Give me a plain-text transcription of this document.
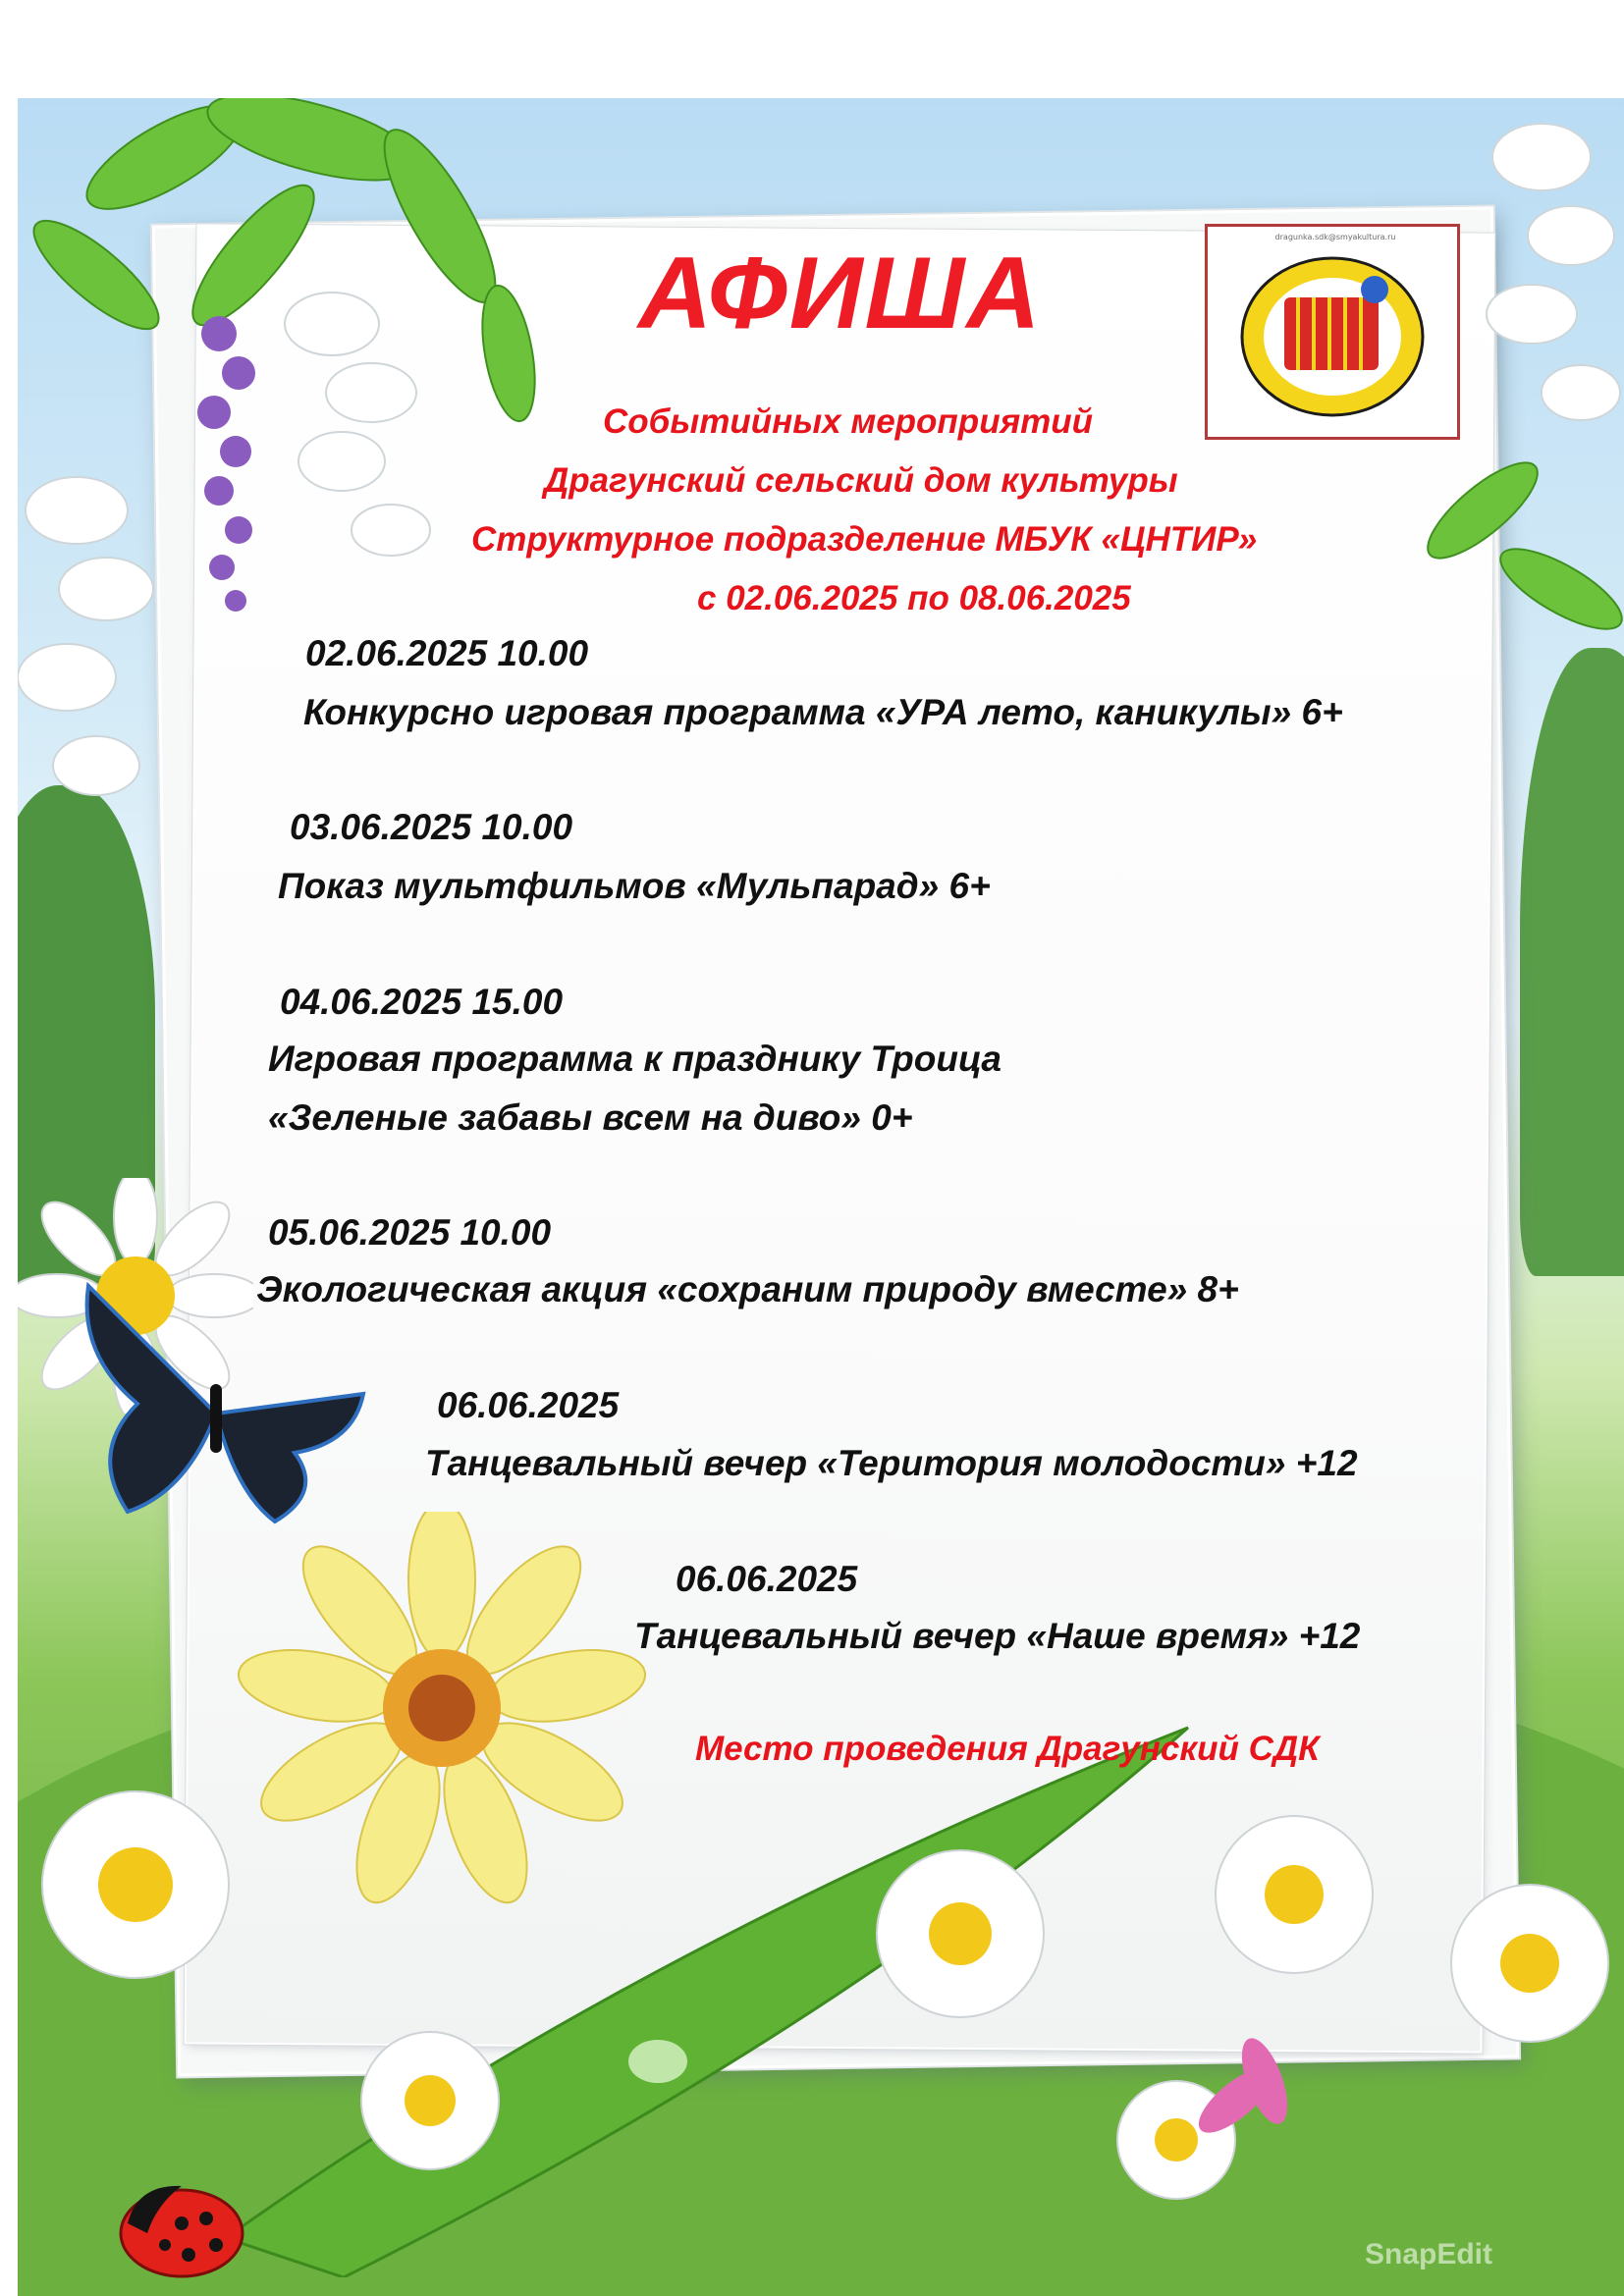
dragunka.sdk@smyakultura.ru
АФИША

Событийных мероприятий

Драгунский сельский дом культуры

Структурное подразделение МБУК «ЦНТИР»

с 02.06.2025 по 08.06.2025

02.06.2025 10.00

Конкурсно игровая программа «УРА лето, каникулы» 6+

03.06.2025 10.00

Показ мультфильмов «Мульпарад» 6+

04.06.2025 15.00

Игровая программа к празднику Троица

«Зеленые забавы всем на диво» 0+

05.06.2025 10.00

Экологическая акция «сохраним природу вместе» 8+

06.06.2025

Танцевальный вечер «Територия молодости» +12

06.06.2025

Танцевальный вечер «Наше время» +12

Место проведения Драгунский СДК

SnapEdit
